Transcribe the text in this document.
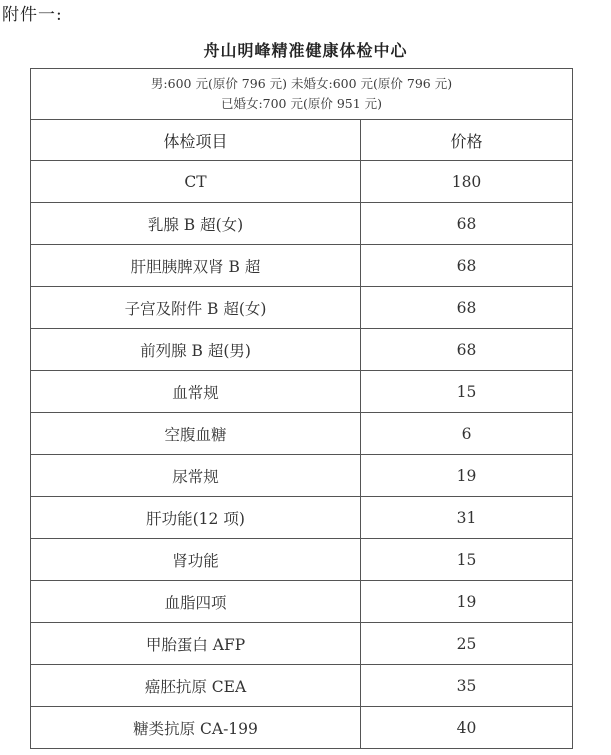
附件一:
舟山明峰精准健康体检中心
男:600 元(原价 796 元) 未婚女:600 元(原价 796 元)
已婚女:700 元(原价 951 元)	

体检项目	价格
CT	180
乳腺 B 超(女)	68
肝胆胰脾双肾 B 超	68
子宫及附件 B 超(女)	68
前列腺 B 超(男)	68
血常规	15
空腹血糖	6
尿常规	19
肝功能(12 项)	31
肾功能	15
血脂四项	19
甲胎蛋白 AFP	25
癌胚抗原 CEA	35
糖类抗原 CA-199	40
